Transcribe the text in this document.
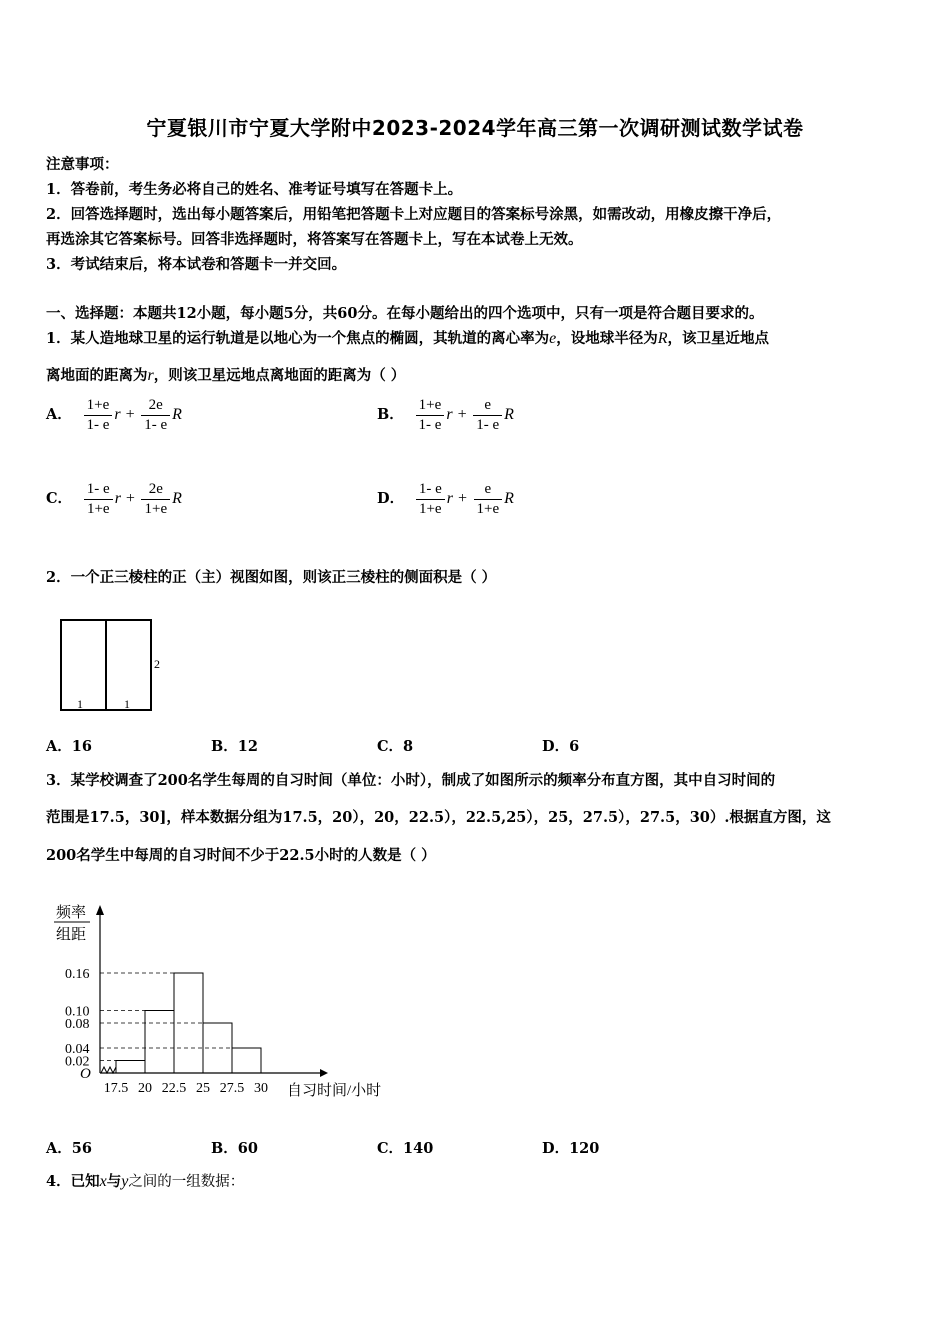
宁夏银川市宁夏大学附中2023-2024学年高三第一次调研测试数学试卷
注意事项：
1．答卷前，考生务必将自己的姓名、准考证号填写在答题卡上。
2．回答选择题时，选出每小题答案后，用铅笔把答题卡上对应题目的答案标号涂黑，如需改动，用橡皮擦干净后，
再选涂其它答案标号。回答非选择题时，将答案写在答题卡上，写在本试卷上无效。
3．考试结束后，将本试卷和答题卡一并交回。
一、选择题：本题共12小题，每小题5分，共60分。在每小题给出的四个选项中，只有一项是符合题目要求的。
1．某人造地球卫星的运行轨道是以地心为一个焦点的椭圆，其轨道的离心率为e，设地球半径为R，该卫星近地点
离地面的距离为r，则该卫星远地点离地面的距离为（ ）
A． $\frac{1+e}{1- e}$ $r + \frac{2e}{1- e}$ R	B． $\frac{1+e}{1- e}$ $r + \frac{e}{1- e}$ R
C． $\frac{1- e}{1+e}$ $r + \frac{2e}{1+e}$ R	D． $\frac{1- e}{1+e}$ $r + \frac{e}{1+e}$ R
2．一个正三棱柱的正（主）视图如图，则该正三棱柱的侧面积是（ ）
1	1
2
A．16	B．12	C．8	D．6
3．某学校调查了200名学生每周的自习时间（单位：小时），制成了如图所示的频率分布直方图，其中自习时间的
范围是17.5，30]，样本数据分组为17.5，20），20，22.5），22.5,25），25，27.5），27.5，30）.根据直方图，这
200名学生中每周的自习时间不少于22.5小时的人数是（ ）
频率
组距
O
自习时间/小时
0.02
0.04
0.08
0.10
0.16
17.5 20 22.5 25 27.5 30
A．56	B．60	C．140	D．120
4．已知x与y之间的一组数据：
